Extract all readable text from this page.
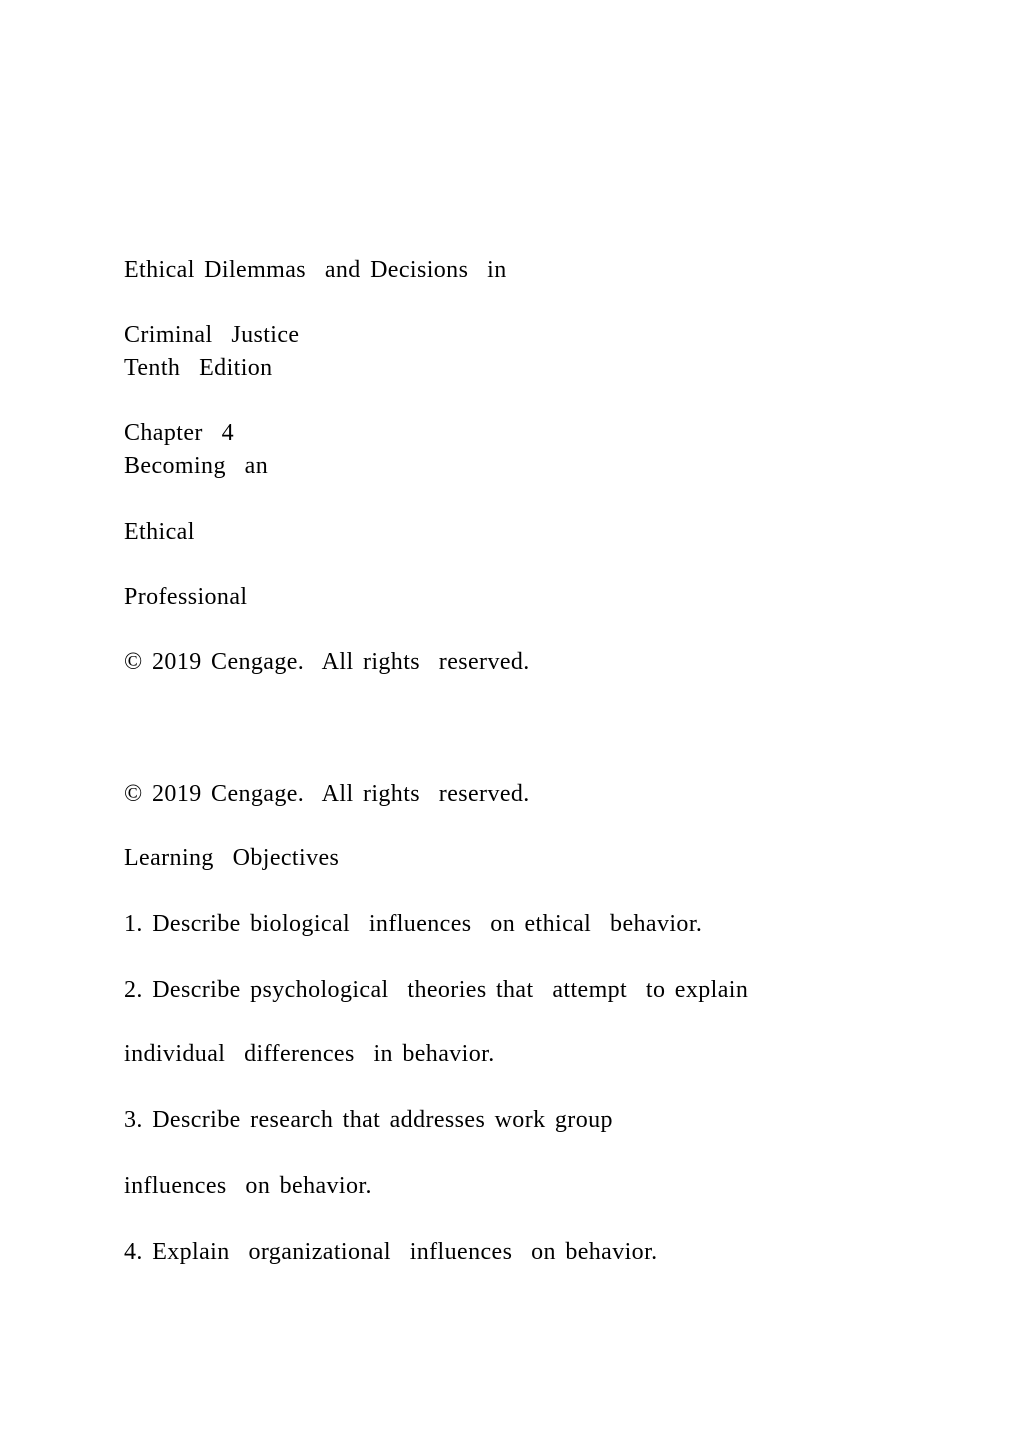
Ethical Dilemmas  and Decisions  in

Criminal  Justice

Tenth  Edition

Chapter  4

Becoming  an

Ethical

Professional

© 2019 Cengage.  All rights  reserved.

© 2019 Cengage.  All rights  reserved.

Learning  Objectives

1. Describe biological  influences  on ethical  behavior.

2. Describe psychological  theories that  attempt  to explain

individual  differences  in behavior.

3. Describe research that addresses work group

influences  on behavior.

4. Explain  organizational  influences  on behavior.
